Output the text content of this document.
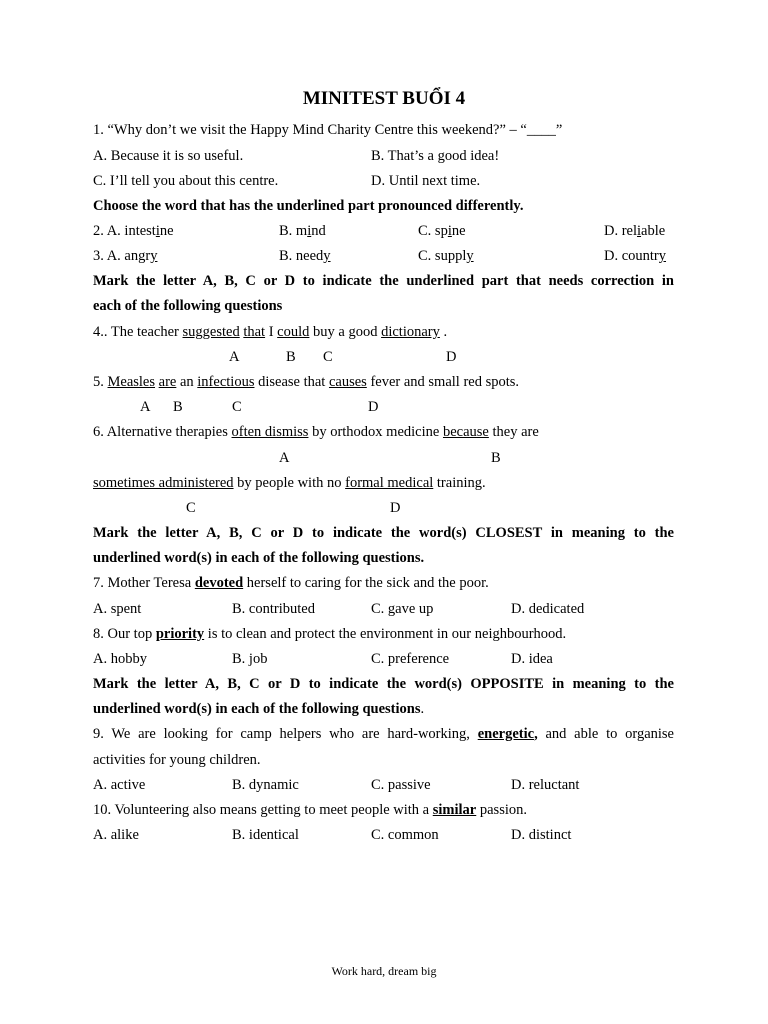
MINITEST BUỔI 4
1. “Why don’t we visit the Happy Mind Charity Centre this weekend?” – “____”
A. Because it is so useful.	B. That’s a good idea!
C. I’ll tell you about this centre.	D. Until next time.
Choose the word that has the underlined part pronounced differently.
2. A. intestine	B. mind	C. spine	D. reliable
3. A. angry	B. needy	C. supply	D. country
Mark the letter A, B, C or D to indicate the underlined part that needs correction in
each of the following questions
4.. The teacher suggested that I could buy a good dictionary .
A	B C	D
5. Measles are an infectious disease that causes fever and small red spots.
A B	C	D
6. Alternative therapies often dismiss by orthodox medicine because they are
A	B
sometimes administered by people with no formal medical training.
C	D
Mark the letter A, B, C or D to indicate the word(s) CLOSEST in meaning to the
underlined word(s) in each of the following questions.
7. Mother Teresa devoted herself to caring for the sick and the poor.
A. spent	B. contributed	C. gave up	D. dedicated
8. Our top priority is to clean and protect the environment in our neighbourhood.
A. hobby	B. job	C. preference	D. idea
Mark the letter A, B, C or D to indicate the word(s) OPPOSITE in meaning to the
underlined word(s) in each of the following questions.
9. We are looking for camp helpers who are hard-working, energetic, and able to organise
activities for young children.
A. active	B. dynamic	C. passive	D. reluctant
10. Volunteering also means getting to meet people with a similar passion.
A. alike	B. identical	C. common	D. distinct
Work hard, dream big
